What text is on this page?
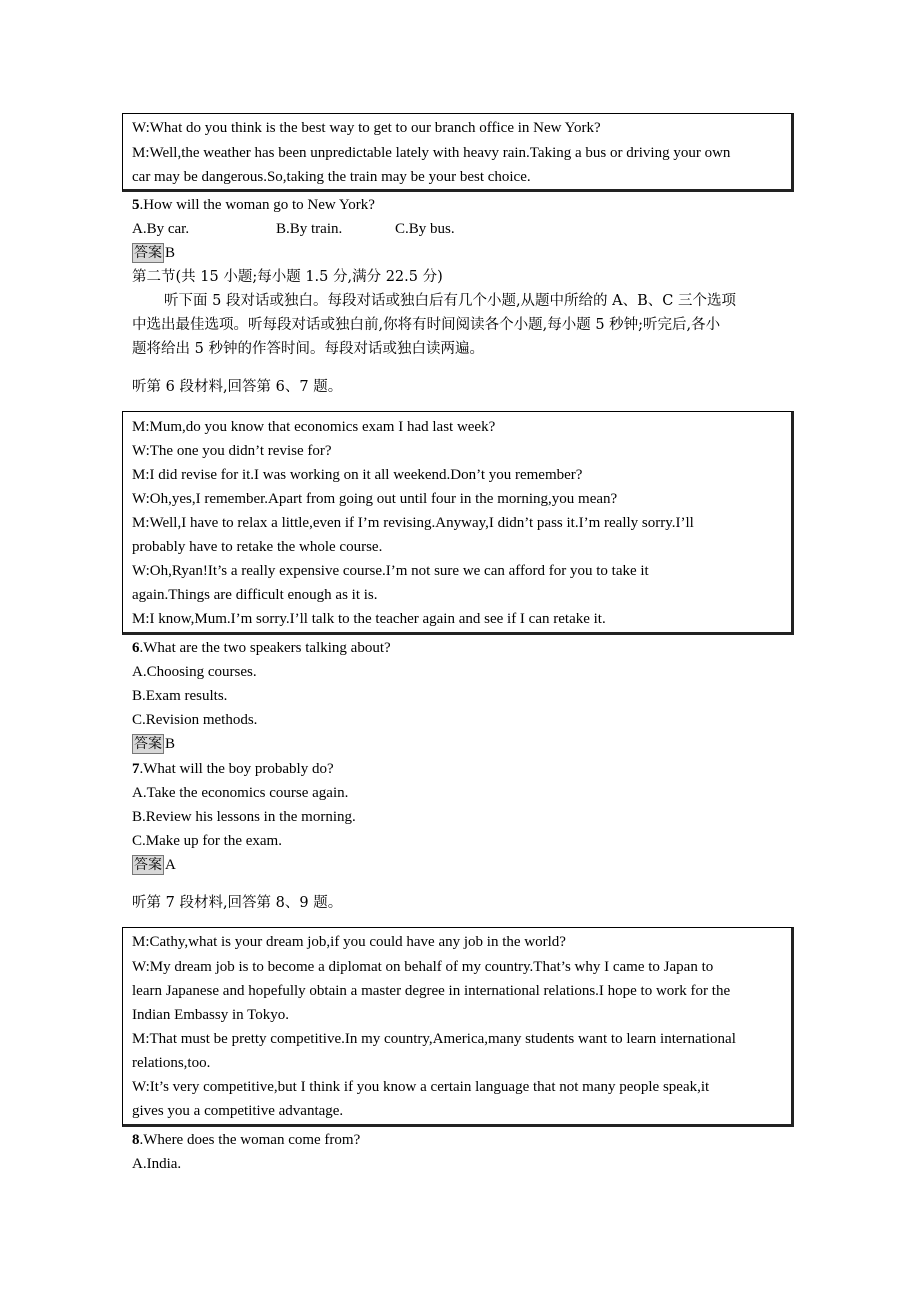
W:What do you think is the best way to get to our branch office in New York?
M:Well,the weather has been unpredictable lately with heavy rain.Taking a bus or driving your own
car may be dangerous.So,taking the train may be your best choice.
5.How will the woman go to New York?
A.By car.	B.By train.	C.By bus.
答案 B
第二节(共 15 小题;每小题 1.5 分,满分 22.5 分)
听下面 5 段对话或独白。每段对话或独白后有几个小题,从题中所给的 A、B、C 三个选项
中选出最佳选项。听每段对话或独白前,你将有时间阅读各个小题,每小题 5 秒钟;听完后,各小
题将给出 5 秒钟的作答时间。每段对话或独白读两遍。
听第 6 段材料,回答第 6、7 题。
M:Mum,do you know that economics exam I had last week?
W:The one you didn’t revise for?
M:I did revise for it.I was working on it all weekend.Don’t you remember?
W:Oh,yes,I remember.Apart from going out until four in the morning,you mean?
M:Well,I have to relax a little,even if I’m revising.Anyway,I didn’t pass it.I’m really sorry.I’ll
probably have to retake the whole course.
W:Oh,Ryan!It’s a really expensive course.I’m not sure we can afford for you to take it
again.Things are difficult enough as it is.
M:I know,Mum.I’m sorry.I’ll talk to the teacher again and see if I can retake it.
6.What are the two speakers talking about?
A.Choosing courses.
B.Exam results.
C.Revision methods.
答案 B
7.What will the boy probably do?
A.Take the economics course again.
B.Review his lessons in the morning.
C.Make up for the exam.
答案 A
听第 7 段材料,回答第 8、9 题。
M:Cathy,what is your dream job,if you could have any job in the world?
W:My dream job is to become a diplomat on behalf of my country.That’s why I came to Japan to
learn Japanese and hopefully obtain a master degree in international relations.I hope to work for the
Indian Embassy in Tokyo.
M:That must be pretty competitive.In my country,America,many students want to learn international
relations,too.
W:It’s very competitive,but I think if you know a certain language that not many people speak,it
gives you a competitive advantage.
8.Where does the woman come from?
A.India.
